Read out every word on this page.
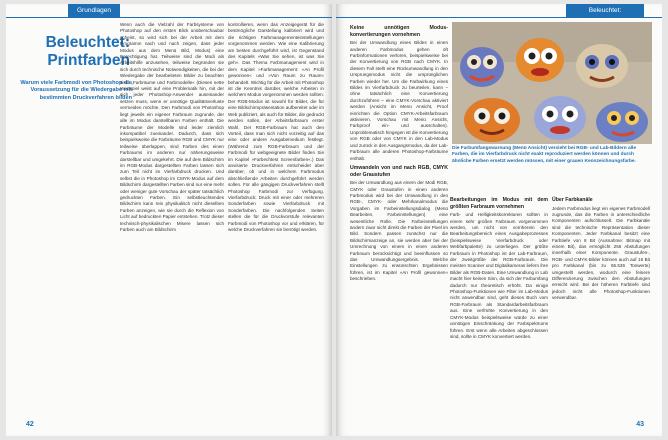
Grundlagen
Beleuchtet:
Printfarben
Warum viele Farbmodi von Photoshop die Voraussetzung für die Wiedergabe mit bestimmten Druckverfahren bilden

Wenn auch die Vielzahl der Farbsysteme von Photoshop auf den ersten Blick unüberschaubar scheint, so wird sich bei der Arbeit mit dem Programm nach und nach zeigen, dass jeder Modus aus dem Menü Bild, Modus) eine Berechtigung hat. Teilweise sind die Modi als Arbeitshilfe anzusehen, teilweise begründen sie sich durch technische Notwendigkeiten, die bei der Wiedergabe der bearbeiteten Bilder zu beachten sind. „Farbräume und Farbmodelle« (Dieses nette Wortspiel weist auf eine Problematik hin, mit der sich jeder Photoshop-Anwender auseinander setzen muss, wenn er unnötige Qualitätsverluste vermeiden möchte. Den Farbmodi von Photoshop liegt jeweils ein eigener Farbraum zugrunde, der alle im Modus darstellbaren Farben enthält. Die Farbräume der Modelle sind leider ziemlich inkompatibel zueinander. Dadurch, dass sich beispielsweise die Farbräume RGB und CMYK nur teilweise überlappen, sind Farben des einen Farbraums im anderen nur näherungsweise darstellbar und umgekehrt. Die auf dem Bildschirm im RGB-Modus dargestellten Farben lassen sich zum Teil nicht im Vierfarbdruck drucken. Und selbst die in Photoshop im CMYK-Modus auf dem Bildschirm dargestellten Farben sind nur eine mehr oder weniger gute Vorschau der später tatsächlich gedruckten Farben. Ein selbstleuchtendes Bildschirm kann rein physikalisch nicht dieselben Farben anzeigen, wie sie durch die Reflexion von Licht auf bedruckten Papier entstehen. Trotz dieser technisch-physikalischen Misere lassen sich Farben auch am Bildschirm

kontrollieren, wenn das Anzeigegerät für die bestmögliche Darstellung kalibriert wird und die richtigen Farbmanagementeinstellungen vorgenommen werden. Wie eine Kalibrierung am besten durchgeführt wird, ist Gegenstand des Kapitels »Was Sie sehen, ist was Sie geh«. Das Thema Farbmanagement wird in dem Kapitel »Farbmanagement: »An Profil gewonnen« und »Von Raum zu Raum« behandelt. Wichtig für die Arbeit mit Photoshop ist die Kenntnis darüber, welche Arbeiten in welchem Modus vorgenommen werden sollten. Der RGB-Modus ist sowohl für Bilder, die für eine Bildschirmpräsentation aufbereitet oder im Web publiziert, als auch für Bilder, die gedruckt werden sollen, der Arbeitsfarbraum erster Wahl. Der RGB-Farbraum hat auch den Vorteil, dass man sich nicht vorzeitig auf das eine oder andere Ausgabemedium festlegt. (Während zum RGB-Farbraum und der Farbmodi für webgeeignete Bilder finden Sie im Kapitel »Farbechtest Screenfarben«.) Das anvisierte Druckverfahren entscheidet aber darüber, ob und in welchem Farbmodus abschließende Arbeiten durchgeführt werden sollen. Für alle gängigen Druckverfahren stellt Photoshop Farbmodi zur Verfügung. Vierfarbdruck: Druck mit einer oder mehreren Sonderfarben sowie Vierfarbdruck mit Sonderfarben. Die nachfolgenden Seiten stellen die für die Druckvorstufe relevanten Farbmodi von Photoshop vor und erklären, für welche Druckverfahren sie benötigt werden.

42
Beleuchtet:
Keine unnötigen Modus-konvertierungen vornehmen

Bei der Umwandlung eines Bildes in einen anderen Farbmodus gehen oft Farbinformationen verloren, beispielsweise bei der Konvertierung von RGB nach CMYK. In diesem Fall stellt eine Rückumwandlung in den Ursprungsmodus nicht die ursprünglichen Farben wieder her. Um die Farbwirkung eines Bildes im Vierfarbdruck zu beurteilen, kann – ohne tatsächlich eine Konvertierung durchzuführen – eine CMYK-Vorschau aktiviert werden (Ansicht im Menü Ansicht, Proof einrichten die Option CMYK-Arbeitsfarbraum aktivieren, Vorschau mit Menü Ansicht, Farbproof ein- und ausschalten). Unproblematisch hingegen ist die Konvertierung von RGB oder von CMYK in den Lab-Modus und zurück in den Ausgangsmodus, da der Lab-Farbraum alle anderen Photoshop-Farbräume enthält.

Umwandeln von und nach RGB, CMYK oder Graustufen

Bei der Umwandlung aus einem der Modi RGB, CMYK oder Graustufen in einen anderen Farbmodus wird bei der Umwandlung in den RGB-, CMYK- oder Mehrkanalmodus die Vorgaben im Farbeinstellungsdialog (Menü Bearbeiten, Farbeinstellungen) eine wesentliche Rolle. Die Farbeinstellungen ändern zwar nicht direkt die Farben der Pixel im Bild. Sondern passen zunächst nur die Bildschirmanzeige an, sie werden aber bei der Umrechnung von einem in einen anderen Farbraum berücksichtigt und beeinflussen so das Umwandlungsergebnis. Welche Einstellungen zu erwünschten Ergebnissen führen, ist im Kapitel »An Profil gewonnen« beschrieben.

Die Farbumfangswarnung (Menü Ansicht) versieht bei RGB- und Lab-Bildern alle Farben, die im Vierfarbdruck nicht exakt reproduziert werden können und durch ähnliche Farben ersetzt werden müssen, mit einer grauen Kennzeichnungsfarbe.
Bearbeitungen im Modus mit dem größten Farbraum vornehmen

Farb- und Helligkeitskorrekturen sollten in einem sehr großen Farbraum vorgenommen werden, um nicht von vornherein den Bearbeitungsbereich eines Ausgabeprozesses (beispielsweise Vierfarbdruck oder Webfarbpalette) zu unterliegen. Der größte Farbraum in Photoshop ist der Lab-Farbraum, der zweitgrößte der RGB-Farbraum. Die meisten Scanner und Digitalkameras liefern ihre Bilder als RGB-Daten. Eine Umwandlung in Lab macht hier keinen Sinn, da sich der Farbumfang dadurch nur theoretisch erhöht. Da einige Photoshop-Funktionen wie Filter im Lab-Modus nicht anwendbar sind, geht dieses Buch vom RGB-Farbraum als Standardarbeitsfarbraum aus. Eine verfrühte Konvertierung in den CMYK-Modus beispielsweise würde zu einer unnötigen Einschränkung der Farbspektrums führen. Erst wenn alle Arbeiten abgeschlossen sind, sollte in CMYK konvertiert werden.

Über Farbkanäle

Jedem Farbmodus liegt ein eigenes Farbmodell zugrunde, das die Farben in unterschiedliche Komponenten aufschlüsselt. Die Farbkanäle sind die technische Repräsentation dieser Komponenten. Jeder Farbkanal besitzt eine Farbtiefe von 8 Bit (Ausnahme: Bitmap mit einem Bit), das ermöglicht 256 Abstufungen innerhalb einer Komponente. Graustufen-, RGB- und CMYK-Bilder können auch auf 16 Bit pro Farbkanal (bis zu 65.536 Tonwerte) umgestellt werden, wodurch eine feinere Differenzierung zwischen den Abstufungen erreicht wird. Bei der höheren Farbtiefe sind jedoch nicht alle Photoshop-Funktionen verwendbar.

43
